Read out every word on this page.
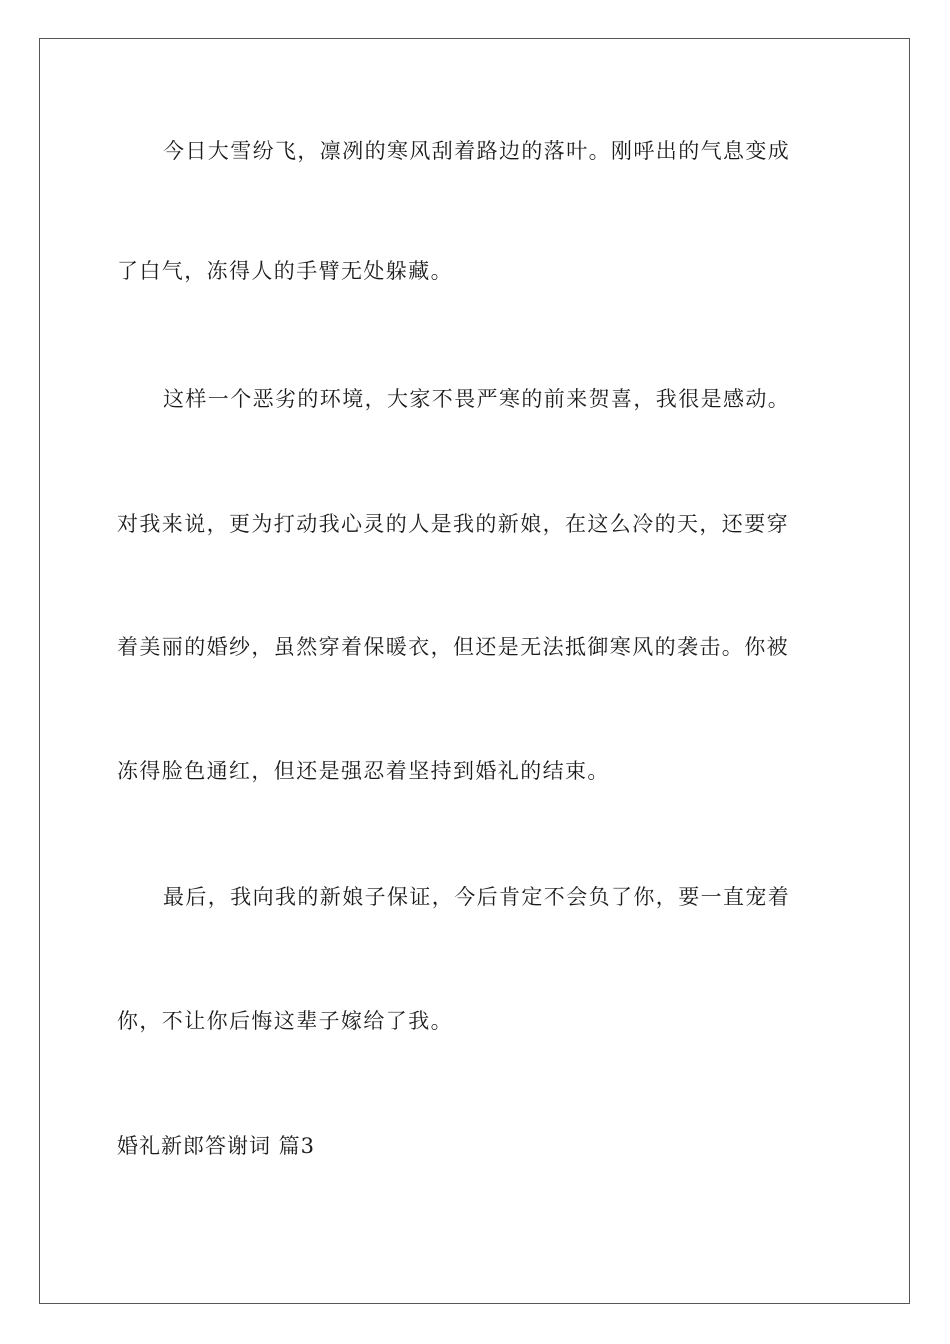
今日大雪纷飞，凛冽的寒风刮着路边的落叶。刚呼出的气息变成
了白气，冻得人的手臂无处躲藏。
这样一个恶劣的环境，大家不畏严寒的前来贺喜，我很是感动。
对我来说，更为打动我心灵的人是我的新娘，在这么冷的天，还要穿
着美丽的婚纱，虽然穿着保暖衣，但还是无法抵御寒风的袭击。你被
冻得脸色通红，但还是强忍着坚持到婚礼的结束。
最后，我向我的新娘子保证，今后肯定不会负了你，要一直宠着
你，不让你后悔这辈子嫁给了我。
婚礼新郎答谢词 篇3
